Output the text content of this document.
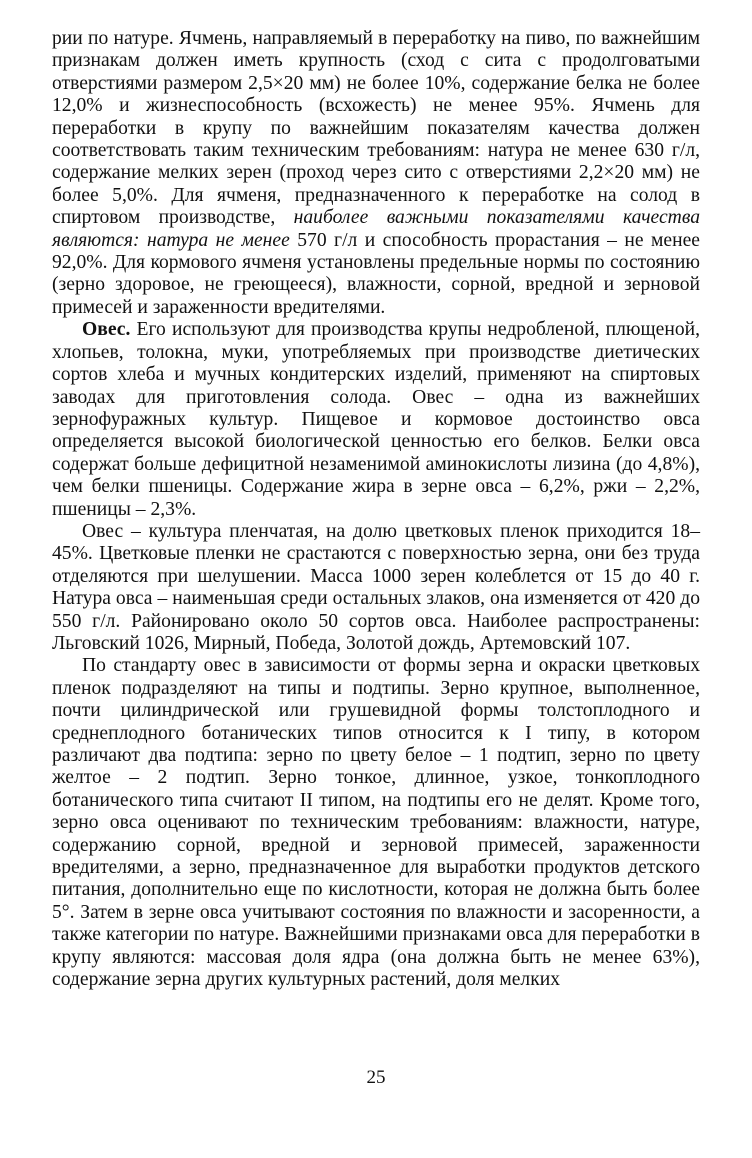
рии по натуре. Ячмень, направляемый в переработку на пиво, по важнейшим признакам должен иметь крупность (сход с сита с продолговатыми отверстиями размером 2,5×20 мм) не более 10%, содержание белка не более 12,0% и жизнеспособность (всхожесть) не менее 95%. Ячмень для переработки в крупу по важнейшим показателям качества должен соответствовать таким техническим требованиям: натура не менее 630 г/л, содержание мелких зерен (проход через сито с отверстиями 2,2×20 мм) не более 5,0%. Для ячменя, предназначенного к переработке на солод в спиртовом производстве, наиболее важными показателями качества являются: натура не менее 570 г/л и способность прорастания – не менее 92,0%. Для кормового ячменя установлены предельные нормы по состоянию (зерно здоровое, не греющееся), влажности, сорной, вредной и зерновой примесей и зараженности вредителями.

Овес. Его используют для производства крупы недробленой, плющеной, хлопьев, толокна, муки, употребляемых при производстве диетических сортов хлеба и мучных кондитерских изделий, применяют на спиртовых заводах для приготовления солода. Овес – одна из важнейших зернофуражных культур. Пищевое и кормовое достоинство овса определяется высокой биологической ценностью его белков. Белки овса содержат больше дефицитной незаменимой аминокислоты лизина (до 4,8%), чем белки пшеницы. Содержание жира в зерне овса – 6,2%, ржи – 2,2%, пшеницы – 2,3%.

Овес – культура пленчатая, на долю цветковых пленок приходится 18–45%. Цветковые пленки не срастаются с поверхностью зерна, они без труда отделяются при шелушении. Масса 1000 зерен колеблется от 15 до 40 г. Натура овса – наименьшая среди остальных злаков, она изменяется от 420 до 550 г/л. Районировано около 50 сортов овса. Наиболее распространены: Льговский 1026, Мирный, Победа, Золотой дождь, Артемовский 107.

По стандарту овес в зависимости от формы зерна и окраски цветковых пленок подразделяют на типы и подтипы. Зерно крупное, выполненное, почти цилиндрической или грушевидной формы толстоплодного и среднеплодного ботанических типов относится к I типу, в котором различают два подтипа: зерно по цвету белое – 1 подтип, зерно по цвету желтое – 2 подтип. Зерно тонкое, длинное, узкое, тонкоплодного ботанического типа считают II типом, на подтипы его не делят. Кроме того, зерно овса оценивают по техническим требованиям: влажности, натуре, содержанию сорной, вредной и зерновой примесей, зараженности вредителями, а зерно, предназначенное для выработки продуктов детского питания, дополнительно еще по кислотности, которая не должна быть более 5°. Затем в зерне овса учитывают состояния по влажности и засоренности, а также категории по натуре. Важнейшими признаками овса для переработки в крупу являются: массовая доля ядра (она должна быть не менее 63%), содержание зерна других культурных растений, доля мелких

25
